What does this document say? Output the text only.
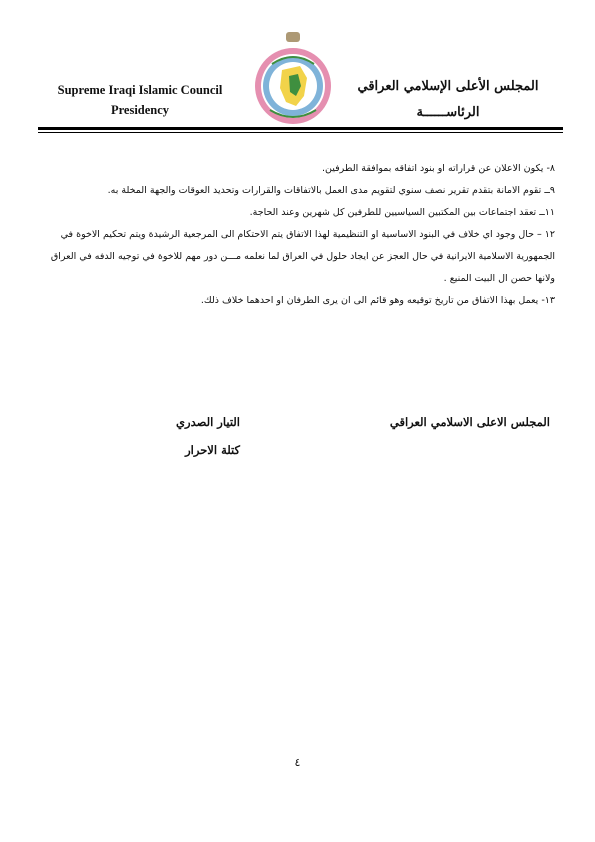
Supreme Iraqi Islamic Council
Presidency
المجلس الأعلى الإسلامي العراقي
الرئاســــــة

٨- يكون الاعلان عن قراراته او بنود اتفاقه بموافقة الطرفين.

٩ــ تقوم الامانة بتقدم تقرير نصف سنوي لتقويم مدى العمل بالاتفاقات والقرارات وتحديد العوقات والجهة المخلة به.

١١ــ تعقد اجتماعات بين المكتبين السياسيين للطرفين كل شهرين وعند الحاجة.

١٢ – حال وجود اي خلاف في البنود الاساسية او التنظيمية لهذا الاتفاق يتم الاحتكام الى المرجعية الرشيدة ويتم تحكيم الاخوة في الجمهورية الاسلامية الايرانية في حال العجز عن ايجاد حلول في العراق لما نعلمه مـــن دور مهم للاخوة في توجيه الدفه في العراق ولانها حصن ال البيت المنيع .

١٣- يعمل بهذا الاتفاق من تاريخ توقيعه وهو قائم الى ان يرى الطرفان او احدهما خلاف ذلك.

المجلس الاعلى الاسلامي العراقي
التيار الصدري
كتلة الاحرار
٤
